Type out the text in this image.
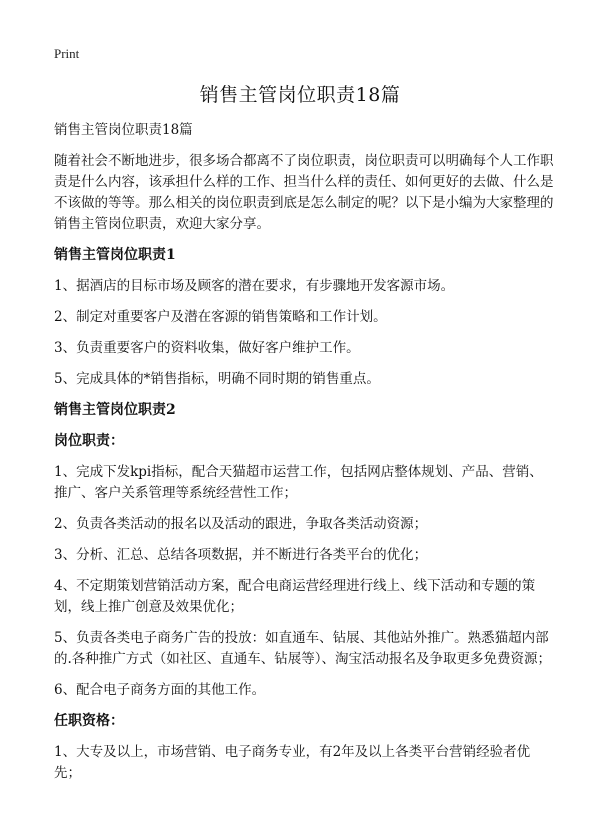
Print
销售主管岗位职责18篇

销售主管岗位职责18篇

随着社会不断地进步，很多场合都离不了岗位职责，岗位职责可以明确每个人工作职责是什么内容，该承担什么样的工作、担当什么样的责任、如何更好的去做、什么是不该做的等等。那么相关的岗位职责到底是怎么制定的呢？以下是小编为大家整理的销售主管岗位职责，欢迎大家分享。

销售主管岗位职责1

1、据酒店的目标市场及顾客的潜在要求，有步骤地开发客源市场。

2、制定对重要客户及潜在客源的销售策略和工作计划。

3、负责重要客户的资料收集，做好客户维护工作。

5、完成具体的*销售指标，明确不同时期的销售重点。

销售主管岗位职责2

岗位职责：

1、完成下发kpi指标，配合天猫超市运营工作，包括网店整体规划、产品、营销、推广、客户关系管理等系统经营性工作；

2、负责各类活动的报名以及活动的跟进，争取各类活动资源；

3、分析、汇总、总结各项数据，并不断进行各类平台的优化；

4、不定期策划营销活动方案，配合电商运营经理进行线上、线下活动和专题的策划，线上推广创意及效果优化；

5、负责各类电子商务广告的投放：如直通车、钻展、其他站外推广。熟悉猫超内部的.各种推广方式（如社区、直通车、钻展等）、淘宝活动报名及争取更多免费资源；

6、配合电子商务方面的其他工作。

任职资格：

1、大专及以上，市场营销、电子商务专业，有2年及以上各类平台营销经验者优先；
